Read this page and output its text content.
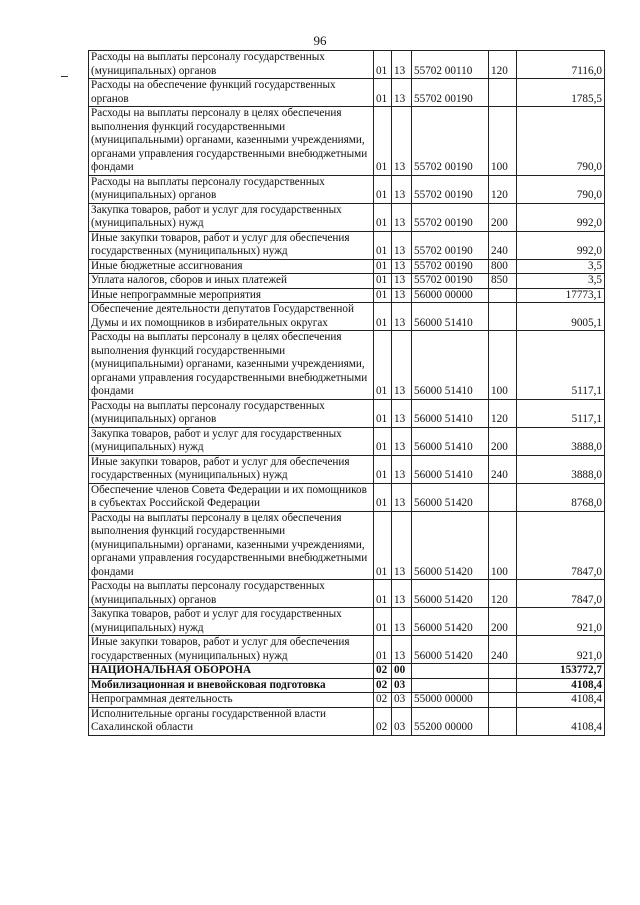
96
Расходы на выплаты персоналу государственных (муниципальных) органов	01	13	55702 00110	120	7116,0
Расходы на обеспечение функций государственных органов	01	13	55702 00190		1785,5
Расходы на выплаты персоналу в целях обеспечения выполнения функций государственными (муниципальными) органами, казенными учреждениями, органами управления государственными внебюджетными фондами	01	13	55702 00190	100	790,0
Расходы на выплаты персоналу государственных (муниципальных) органов	01	13	55702 00190	120	790,0
Закупка товаров, работ и услуг для государственных (муниципальных) нужд	01	13	55702 00190	200	992,0
Иные закупки товаров, работ и услуг для обеспечения государственных (муниципальных) нужд	01	13	55702 00190	240	992,0
Иные бюджетные ассигнования	01	13	55702 00190	800	3,5
Уплата налогов, сборов и иных платежей	01	13	55702 00190	850	3,5
Иные непрограммные мероприятия	01	13	56000 00000		17773,1
Обеспечение деятельности депутатов Государственной Думы и их помощников в избирательных округах	01	13	56000 51410		9005,1
Расходы на выплаты персоналу в целях обеспечения выполнения функций государственными (муниципальными) органами, казенными учреждениями, органами управления государственными внебюджетными фондами	01	13	56000 51410	100	5117,1
Расходы на выплаты персоналу государственных (муниципальных) органов	01	13	56000 51410	120	5117,1
Закупка товаров, работ и услуг для государственных (муниципальных) нужд	01	13	56000 51410	200	3888,0
Иные закупки товаров, работ и услуг для обеспечения государственных (муниципальных) нужд	01	13	56000 51410	240	3888,0
Обеспечение членов Совета Федерации и их помощников в субъектах Российской Федерации	01	13	56000 51420		8768,0
Расходы на выплаты персоналу в целях обеспечения выполнения функций государственными (муниципальными) органами, казенными учреждениями, органами управления государственными внебюджетными фондами	01	13	56000 51420	100	7847,0
Расходы на выплаты персоналу государственных (муниципальных) органов	01	13	56000 51420	120	7847,0
Закупка товаров, работ и услуг для государственных (муниципальных) нужд	01	13	56000 51420	200	921,0
Иные закупки товаров, работ и услуг для обеспечения государственных (муниципальных) нужд	01	13	56000 51420	240	921,0
НАЦИОНАЛЬНАЯ ОБОРОНА	02	00			153772,7
Мобилизационная и вневойсковая подготовка	02	03			4108,4
Непрограммная деятельность	02	03	55000 00000		4108,4
Исполнительные органы государственной власти Сахалинской области	02	03	55200 00000		4108,4
